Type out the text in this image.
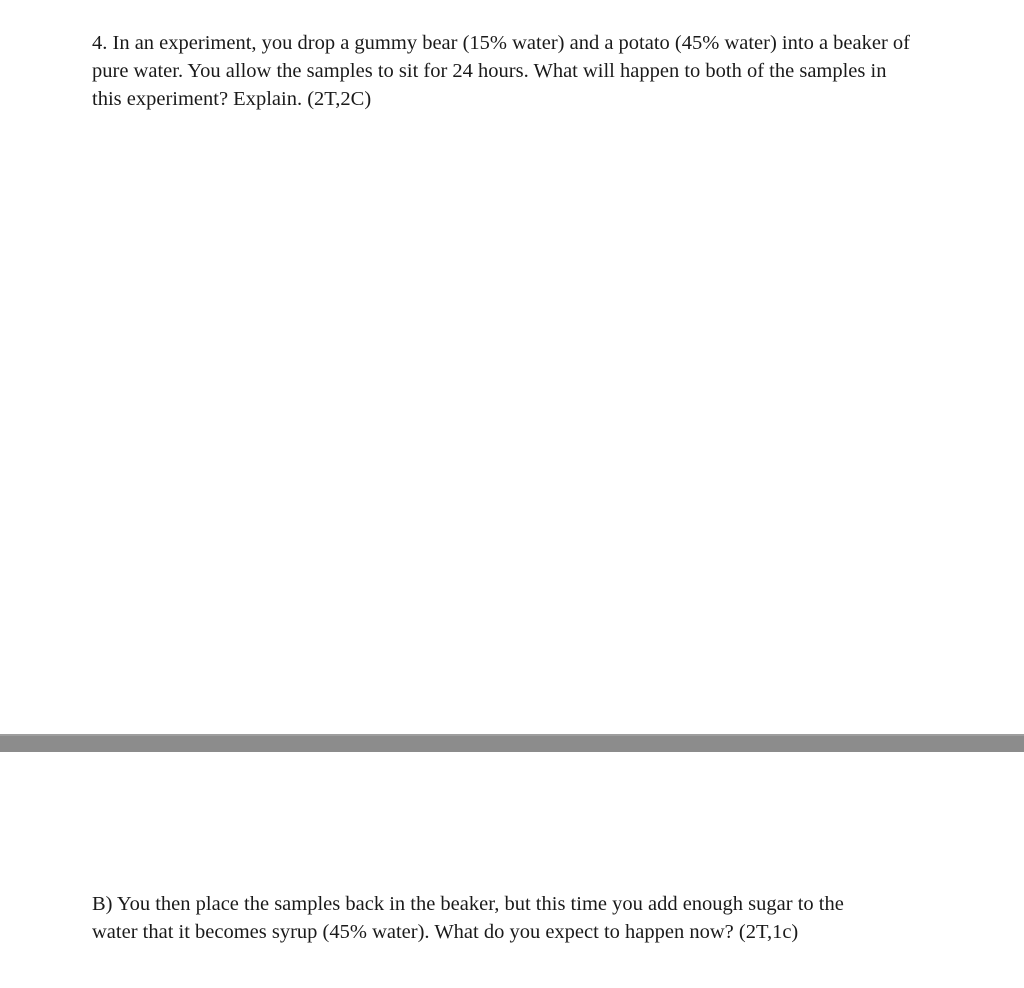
4. In an experiment, you drop a gummy bear (15% water) and a potato (45% water) into a beaker of
pure water. You allow the samples to sit for 24 hours. What will happen to both of the samples in
this experiment? Explain. (2T,2C)
B) You then place the samples back in the beaker, but this time you add enough sugar to the
water that it becomes syrup (45% water). What do you expect to happen now? (2T,1c)
